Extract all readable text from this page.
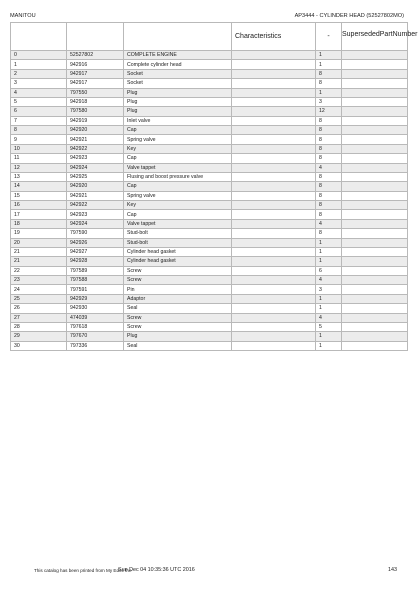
MANITOU	AP3444 - CYLINDER HEAD (52527802MO)
			Characteristics	-	SupersededPartNumber
0	52527802	COMPLETE ENGINE		1	
1	942916	Complete cylinder head		1	
2	942917	Socket		8	
3	942917	Socket		8	
4	797550	Plug		1	
5	942918	Plug		3	
6	797580	Plug		12	
7	942919	Inlet valve		8	
8	942920	Cap		8	
9	942921	Spring valve		8	
10	942922	Key		8	
11	942923	Cap		8	
12	942924	Valve tappet		4	
13	942925	Flusing and boost pressure valve		8	
14	942920	Cap		8	
15	942921	Spring valve		8	
16	942922	Key		8	
17	942923	Cap		8	
18	942924	Valve tappet		4	
19	797590	Stud-bolt		8	
20	942926	Stud-bolt		1	
21	942927	Cylinder head gasket		1	
21	942928	Cylinder head gasket		1	
22	797589	Screw		6	
23	797588	Screw		4	
24	797591	Pin		3	
25	942929	Adaptor		1	
26	942930	Seal		1	
27	474039	Screw		4	
28	797618	Screw		5	
29	797670	Plug		1	
30	797336	Seal		1	
This catalog has been printed from My Edoc the
Sun Dec 04 10:35:36 UTC 2016	143
